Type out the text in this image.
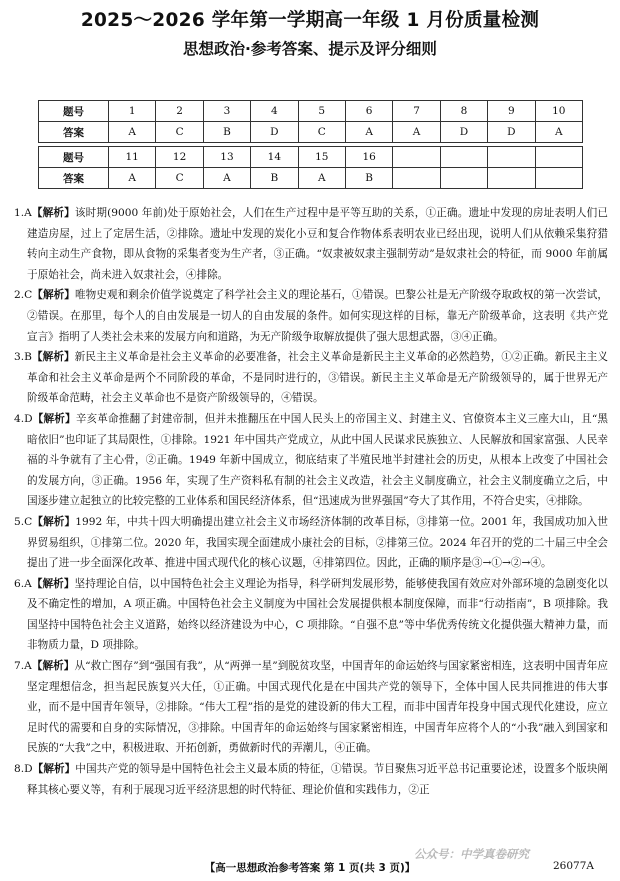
2025～2026 学年第一学期高一年级 1 月份质量检测
思想政治·参考答案、提示及评分细则
题号	1	2	3	4	5	6	7	8	9	10
答案	A	C	B	D	C	A	A	D	D	A

题号	11	12	13	14	15	16				
答案	A	C	A	B	A	B				

1.A【解析】该时期(9000 年前)处于原始社会，人们在生产过程中是平等互助的关系，①正确。遗址中发现的房址表明人们已建造房屋，过上了定居生活，②排除。遗址中发现的炭化小豆和复合作物体系表明农业已经出现，说明人们从依赖采集狩猎转向主动生产食物，即从食物的采集者变为生产者，③正确。“奴隶被奴隶主强制劳动”是奴隶社会的特征，而 9000 年前属于原始社会，尚未进入奴隶社会，④排除。

2.C【解析】唯物史观和剩余价值学说奠定了科学社会主义的理论基石，①错误。巴黎公社是无产阶级夺取政权的第一次尝试，②错误。在那里，每个人的自由发展是一切人的自由发展的条件。如何实现这样的目标，靠无产阶级革命，这表明《共产党宣言》指明了人类社会未来的发展方向和道路，为无产阶级争取解放提供了强大思想武器，③④正确。

3.B【解析】新民主主义革命是社会主义革命的必要准备，社会主义革命是新民主主义革命的必然趋势，①②正确。新民主主义革命和社会主义革命是两个不同阶段的革命，不是同时进行的，③错误。新民主主义革命是无产阶级领导的，属于世界无产阶级革命范畴，社会主义革命也不是资产阶级领导的，④错误。

4.D【解析】辛亥革命推翻了封建帝制，但并未推翻压在中国人民头上的帝国主义、封建主义、官僚资本主义三座大山，且“黑暗依旧”也印证了其局限性，①排除。1921 年中国共产党成立，从此中国人民谋求民族独立、人民解放和国家富强、人民幸福的斗争就有了主心骨，②正确。1949 年新中国成立，彻底结束了半殖民地半封建社会的历史，从根本上改变了中国社会的发展方向，③正确。1956 年，实现了生产资料私有制的社会主义改造，社会主义制度确立，社会主义制度确立之后，中国逐步建立起独立的比较完整的工业体系和国民经济体系，但“迅速成为世界强国”夸大了其作用，不符合史实，④排除。

5.C【解析】1992 年，中共十四大明确提出建立社会主义市场经济体制的改革目标，③排第一位。2001 年，我国成功加入世界贸易组织，①排第二位。2020 年，我国实现全面建成小康社会的目标，②排第三位。2024 年召开的党的二十届三中全会提出了进一步全面深化改革、推进中国式现代化的核心议题，④排第四位。因此，正确的顺序是③→①→②→④。

6.A【解析】坚持理论自信，以中国特色社会主义理论为指导，科学研判发展形势，能够使我国有效应对外部环境的急剧变化以及不确定性的增加，A 项正确。中国特色社会主义制度为中国社会发展提供根本制度保障，而非“行动指南”，B 项排除。我国坚持中国特色社会主义道路，始终以经济建设为中心，C 项排除。“自强不息”等中华优秀传统文化提供强大精神力量，而非物质力量，D 项排除。

7.A【解析】从“救亡图存”到“强国有我”，从“两弹一星”到脱贫攻坚，中国青年的命运始终与国家紧密相连，这表明中国青年应坚定理想信念，担当起民族复兴大任，①正确。中国式现代化是在中国共产党的领导下，全体中国人民共同推进的伟大事业，而不是中国青年领导，②排除。“伟大工程”指的是党的建设新的伟大工程，而非中国青年投身中国式现代化建设，应立足时代的需要和自身的实际情况，③排除。中国青年的命运始终与国家紧密相连，中国青年应将个人的“小我”融入到国家和民族的“大我”之中，积极进取、开拓创新，勇做新时代的弄潮儿，④正确。

8.D【解析】中国共产党的领导是中国特色社会主义最本质的特征，①错误。节目聚焦习近平总书记重要论述，设置多个版块阐释其核心要义等，有利于展现习近平经济思想的时代特征、理论价值和实践伟力，②正

公众号：中学真卷研究
【高一思想政治参考答案 第 1 页(共 3 页)】	26077A
